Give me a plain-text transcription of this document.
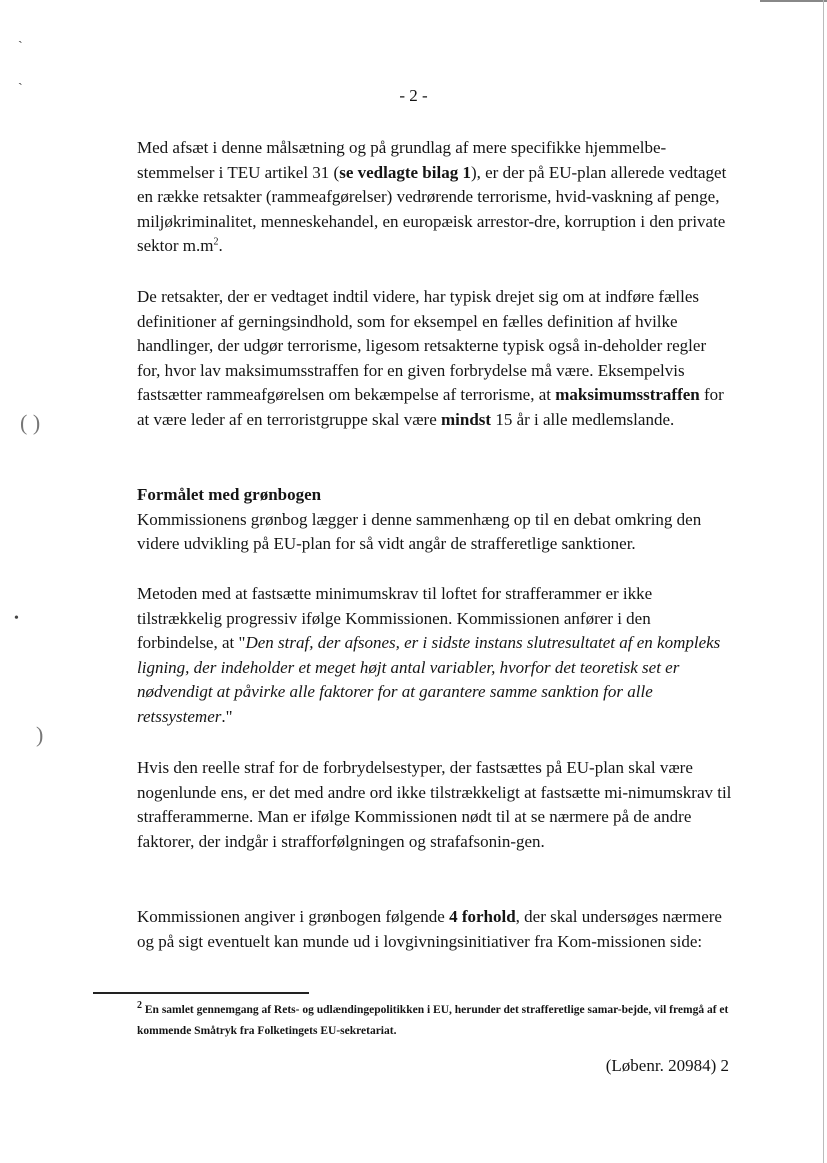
ˎ
ˏ
( )
•
)
- 2 -

Med afsæt i denne målsætning og på grundlag af mere specifikke hjemmelbe-stemmelser i TEU artikel 31 (se vedlagte bilag 1), er der på EU-plan allerede vedtaget en række retsakter (rammeafgørelser) vedrørende terrorisme, hvid-vaskning af penge, miljøkriminalitet, menneskehandel, en europæisk arrestor-dre, korruption i den private sektor $m.m^2$.

De retsakter, der er vedtaget indtil videre, har typisk drejet sig om at indføre fælles definitioner af gerningsindhold, som for eksempel en fælles definition af hvilke handlinger, der udgør terrorisme, ligesom retsakterne typisk også in-deholder regler for, hvor lav maksimumsstraffen for en given forbrydelse må være. Eksempelvis fastsætter rammeafgørelsen om bekæmpelse af terrorisme, at maksimumsstraffen for at være leder af en terroristgruppe skal være mindst 15 år i alle medlemslande.

Formålet med grønbogen

Kommissionens grønbog lægger i denne sammenhæng op til en debat omkring den videre udvikling på EU-plan for så vidt angår de strafferetlige sanktioner.

Metoden med at fastsætte minimumskrav til loftet for strafferammer er ikke tilstrækkelig progressiv ifølge Kommissionen. Kommissionen anfører i den forbindelse, at "Den straf, der afsones, er i sidste instans slutresultatet af en kompleks ligning, der indeholder et meget højt antal variabler, hvorfor det teoretisk set er nødvendigt at påvirke alle faktorer for at garantere samme sanktion for alle retssystemer."

Hvis den reelle straf for de forbrydelsestyper, der fastsættes på EU-plan skal være nogenlunde ens, er det med andre ord ikke tilstrækkeligt at fastsætte mi-nimumskrav til strafferammerne. Man er ifølge Kommissionen nødt til at se nærmere på de andre faktorer, der indgår i strafforfølgningen og strafafsonin-gen.

Kommissionen angiver i grønbogen følgende 4 forhold, der skal undersøges nærmere og på sigt eventuelt kan munde ud i lovgivningsinitiativer fra Kom-missionen side:

$^2$ En samlet gennemgang af Rets- og udlændingepolitikken i EU, herunder det strafferetlige samar-bejde, vil fremgå af et kommende Småtryk fra Folketingets EU-sekretariat.
(Løbenr. 20984) 2
